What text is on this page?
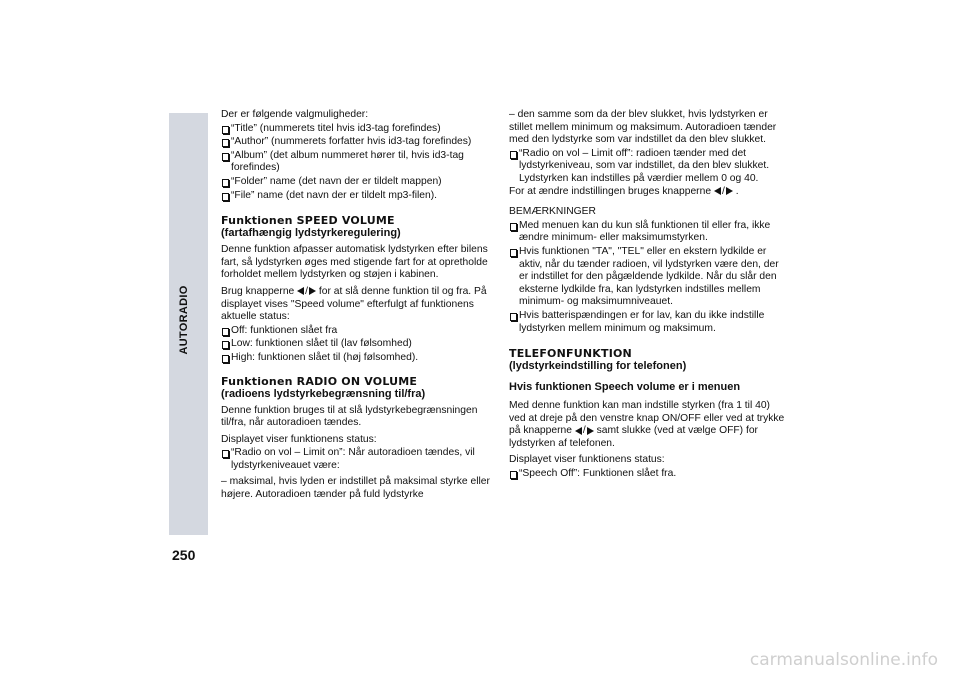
AUTORADIO
250

Der er følgende valgmuligheder:

“Title” (nummerets titel hvis id3-tag forefindes)

“Author” (nummerets forfatter hvis id3-tag forefindes)

“Album” (det album nummeret hører til, hvis id3-tag forefindes)

“Folder” name (det navn der er tildelt mappen)

“File” name (det navn der er tildelt mp3-filen).

Funktionen SPEED VOLUME

(fartafhængig lydstyrkeregulering)

Denne funktion afpasser automatisk lydstyrken efter bilens fart, så lydstyrken øges med stigende fart for at opretholde forholdet mellem lydstyrken og støjen i kabinen.

Brug knapperne / for at slå denne funktion til og fra. På displayet vises "Speed volume" efterfulgt af funktionens aktuelle status:

Off: funktionen slået fra

Low: funktionen slået til (lav følsomhed)

High: funktionen slået til (høj følsomhed).

Funktionen RADIO ON VOLUME

(radioens lydstyrkebegrænsning til/fra)

Denne funktion bruges til at slå lydstyrkebegrænsningen til/fra, når autoradioen tændes.

Displayet viser funktionens status:

“Radio on vol – Limit on”: Når autoradioen tændes, vil lydstyrkeniveauet være:

– maksimal, hvis lyden er indstillet på maksimal styrke eller højere. Autoradioen tænder på fuld lydstyrke

– den samme som da der blev slukket, hvis lydstyrken er stillet mellem minimum og maksimum. Autoradioen tænder med den lydstyrke som var indstillet da den blev slukket.

“Radio on vol – Limit off”: radioen tænder med det lydstyrkeniveau, som var indstillet, da den blev slukket. Lydstyrken kan indstilles på værdier mellem 0 og 40.

For at ændre indstillingen bruges knapperne / .

BEMÆRKNINGER

Med menuen kan du kun slå funktionen til eller fra, ikke ændre minimum- eller maksimumstyrken.

Hvis funktionen "TA", "TEL" eller en ekstern lydkilde er aktiv, når du tænder radioen, vil lydstyrken være den, der er indstillet for den pågældende lydkilde. Når du slår den eksterne lydkilde fra, kan lydstyrken indstilles mellem minimum- og maksimumniveauet.

Hvis batterispændingen er for lav, kan du ikke indstille lydstyrken mellem minimum og maksimum.

TELEFONFUNKTION

(lydstyrkeindstilling for telefonen)

Hvis funktionen Speech volume er i menuen

Med denne funktion kan man indstille styrken (fra 1 til 40) ved at dreje på den venstre knap ON/OFF eller ved at trykke på knapperne / samt slukke (ved at vælge OFF) for lydstyrken af telefonen.

Displayet viser funktionens status:

“Speech Off”: Funktionen slået fra.

carmanualsonline.info
